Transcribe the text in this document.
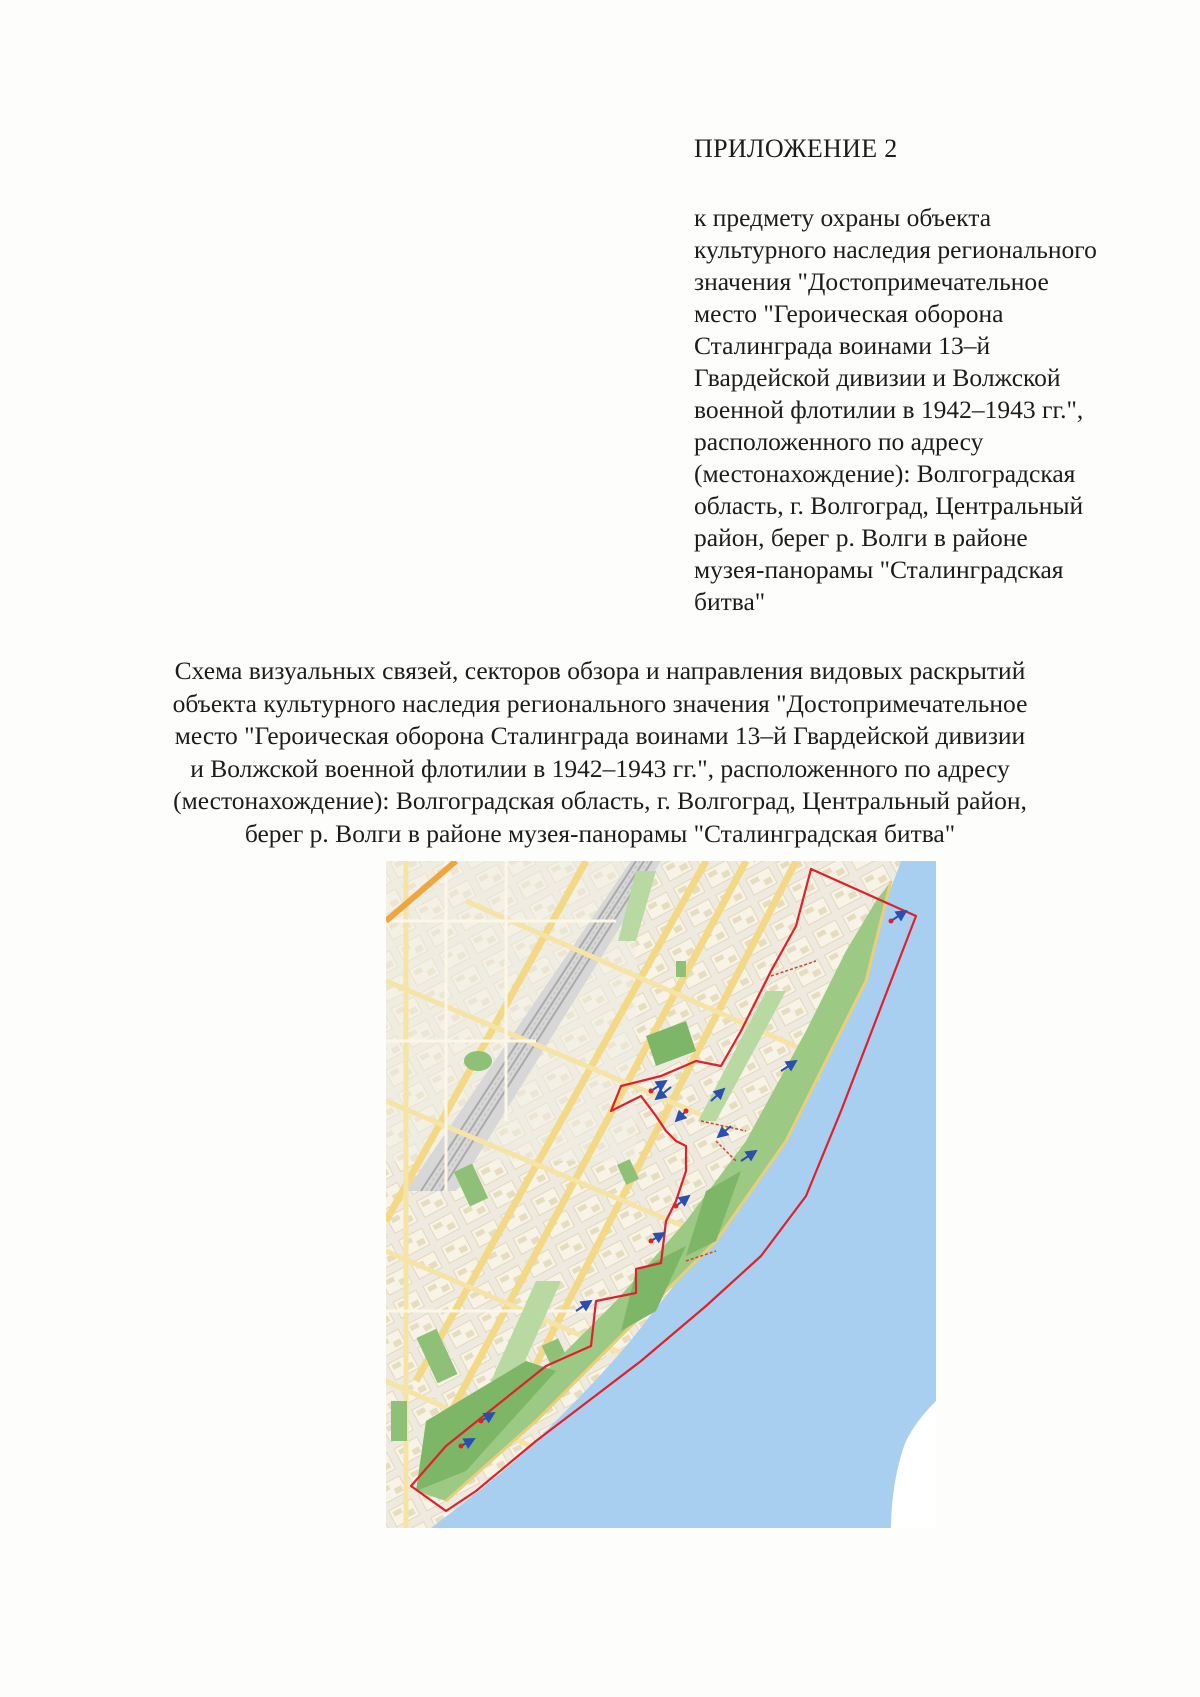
ПРИЛОЖЕНИЕ 2
к предмету охраны объекта
культурного наследия регионального
значения "Достопримечательное
место "Героическая оборона
Сталинграда воинами 13–й
Гвардейской дивизии и Волжской
военной флотилии в 1942–1943 гг.",
расположенного по адресу
(местонахождение): Волгоградская
область, г. Волгоград, Центральный
район, берег р. Волги в районе
музея-панорамы "Сталинградская
битва"
Схема визуальных связей, секторов обзора и направления видовых раскрытий
объекта культурного наследия регионального значения "Достопримечательное
место "Героическая оборона Сталинграда воинами 13–й Гвардейской дивизии
и Волжской военной флотилии в 1942–1943 гг.", расположенного по адресу
(местонахождение): Волгоградская область, г. Волгоград, Центральный район,
берег р. Волги в районе музея-панорамы "Сталинградская битва"
